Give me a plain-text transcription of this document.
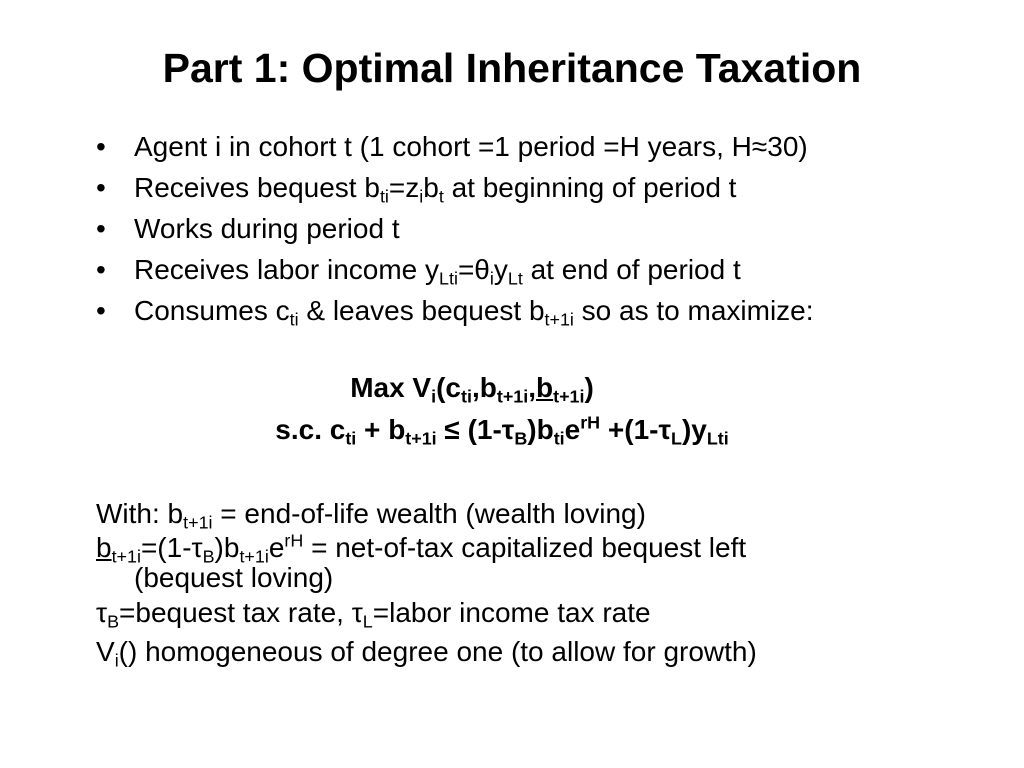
Part 1: Optimal Inheritance Taxation
• Agent i in cohort t (1 cohort =1 period =H years, H≈30)
• Receives bequest $b_{ti}=z_ib_t$ at beginning of period t
• Works during period t
• Receives labor income $y_{Lti}=\theta_iy_{Lt}$ at end of period t
• Consumes $c_{ti}$ & leaves bequest $b_{t+1i}$ so as to maximize:
Max $V_i(c_{ti},b_{t+1i},b_{t+1i})$
s.c. $c_{ti} + b_{t+1i} \le (1-\tau_B)b_{ti}e^{rH} +(1-\tau_L)y_{Lti}$
With: $b_{t+1i}$ = end-of-life wealth (wealth loving)
$b_{t+1i}=(1-\tau_B)b_{t+1i}e^{rH} = net-of-tax$ capitalized bequest left
(bequest loving)
$\tau_B=bequest$ tax rate, $\tau_L=labor$ income tax rate
$V_i()$ homogeneous of degree one (to allow for growth)
